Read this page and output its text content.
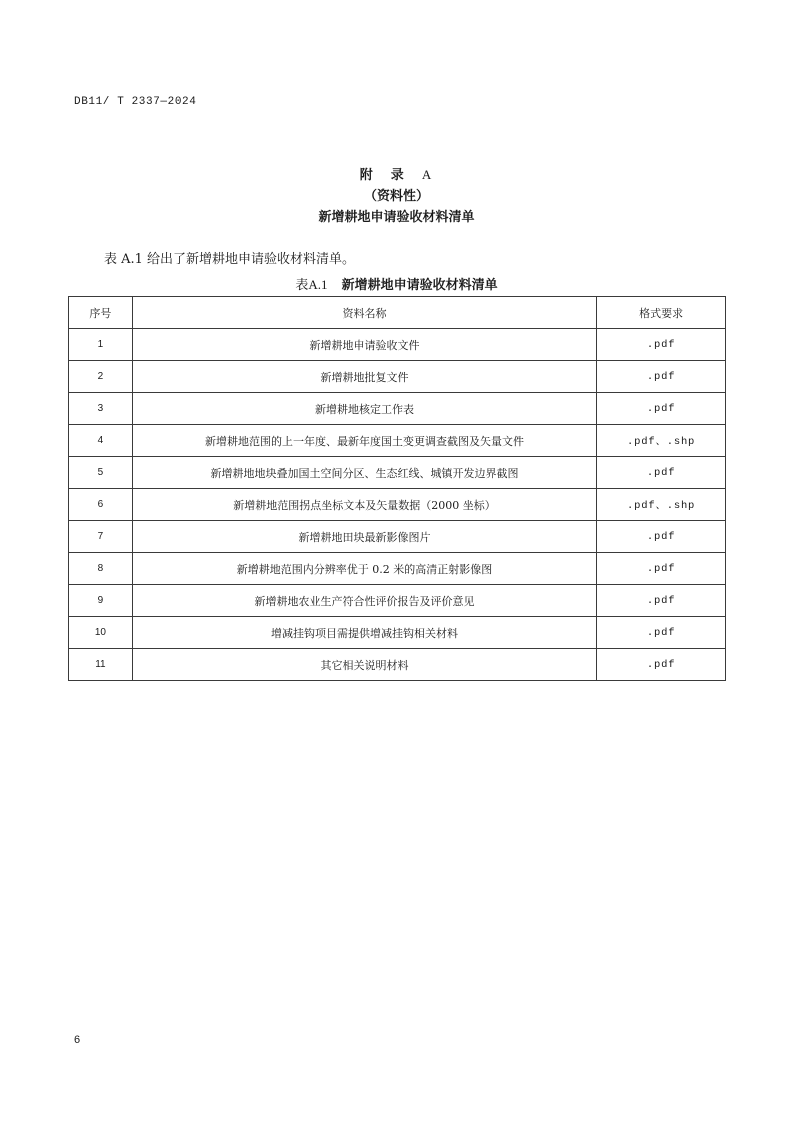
DB11/ T 2337—2024
附 录 A
（资料性）
新增耕地申请验收材料清单
表 A.1 给出了新增耕地申请验收材料清单。
表A.1 新增耕地申请验收材料清单
序号	资料名称	格式要求
1	新增耕地申请验收文件	.pdf
2	新增耕地批复文件	.pdf
3	新增耕地核定工作表	.pdf
4	新增耕地范围的上一年度、最新年度国土变更调查截图及矢量文件	.pdf、.shp
5	新增耕地地块叠加国土空间分区、生态红线、城镇开发边界截图	.pdf
6	新增耕地范围拐点坐标文本及矢量数据（2000 坐标）	.pdf、.shp
7	新增耕地田块最新影像图片	.pdf
8	新增耕地范围内分辨率优于 0.2 米的高清正射影像图	.pdf
9	新增耕地农业生产符合性评价报告及评价意见	.pdf
10	增减挂钩项目需提供增减挂钩相关材料	.pdf
11	其它相关说明材料	.pdf
6
